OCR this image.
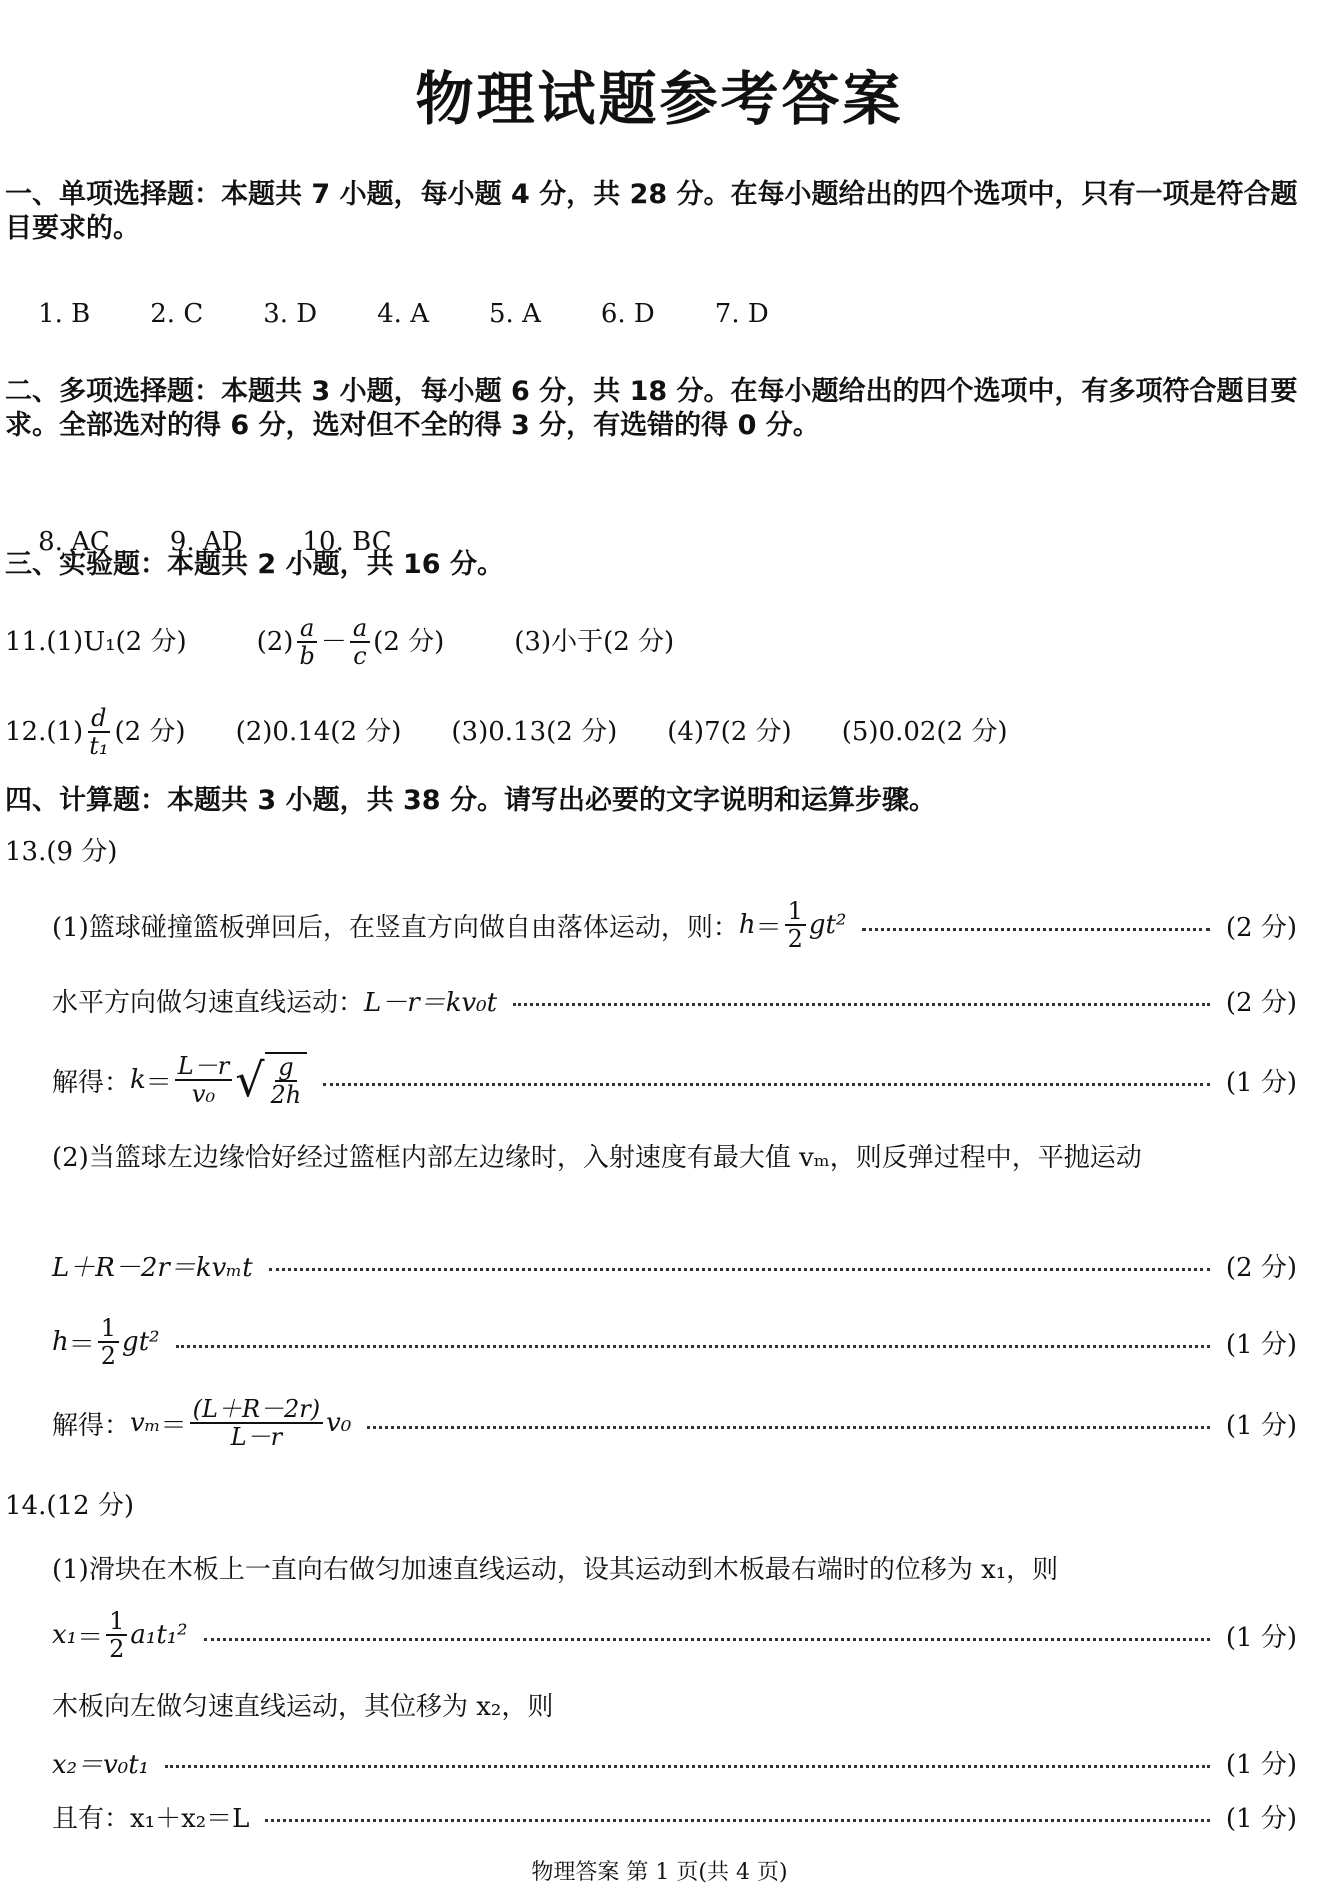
物理试题参考答案
一、单项选择题：本题共 7 小题，每小题 4 分，共 28 分。在每小题给出的四个选项中，只有一项是符合题目要求的。

1. B 2. C 3. D 4. A 5. A 6. D 7. D

二、多项选择题：本题共 3 小题，每小题 6 分，共 18 分。在每小题给出的四个选项中，有多项符合题目要求。全部选对的得 6 分，选对但不全的得 3 分，有选错的得 0 分。

8. AC 9. AD 10. BC

三、实验题：本题共 2 小题，共 16 分。
11. (1)U₁(2 分)	$(2) \frac{a}{b} - \frac{a}{c} (2$ 分)	(3)小于(2 分)
12. $(1) \frac{d}{\text{t₁}} (2$ 分) (2)0.14(2 分) (3)0.13(2 分) (4)7(2 分) (5)0.02(2 分)
四、计算题：本题共 3 小题，共 38 分。请写出必要的文字说明和运算步骤。
13.(9 分)
(1)篮球碰撞篮板弹回后，在竖直方向做自由落体运动，则： $h = \frac{1}{2} gt^2$	(2 分)
水平方向做匀速直线运动： L－r＝kv₀t	(2 分)
解得： $k = \frac{L-r}{\text{v₀}}$ √ $\frac{g}{2h}$	(1 分)
(2)当篮球左边缘恰好经过篮框内部左边缘时，入射速度有最大值 vₘ，则反弹过程中，平抛运动
L＋R－2r＝kvₘt	(2 分)
$h = \frac{1}{2} gt^2$	(1 分)
解得： $v_m = \frac{(L+R-2r)}{L-r} v_0$	(1 分)
14.(12 分)
(1)滑块在木板上一直向右做匀加速直线运动，设其运动到木板最右端时的位移为 x₁，则
$x_1 = \frac{1}{2} a_1t_1^2$	(1 分)
木板向左做匀速直线运动，其位移为 x₂，则
x₂＝v₀t₁	(1 分)
且有：x₁＋x₂＝L	(1 分)
物理答案 第 1 页(共 4 页)
